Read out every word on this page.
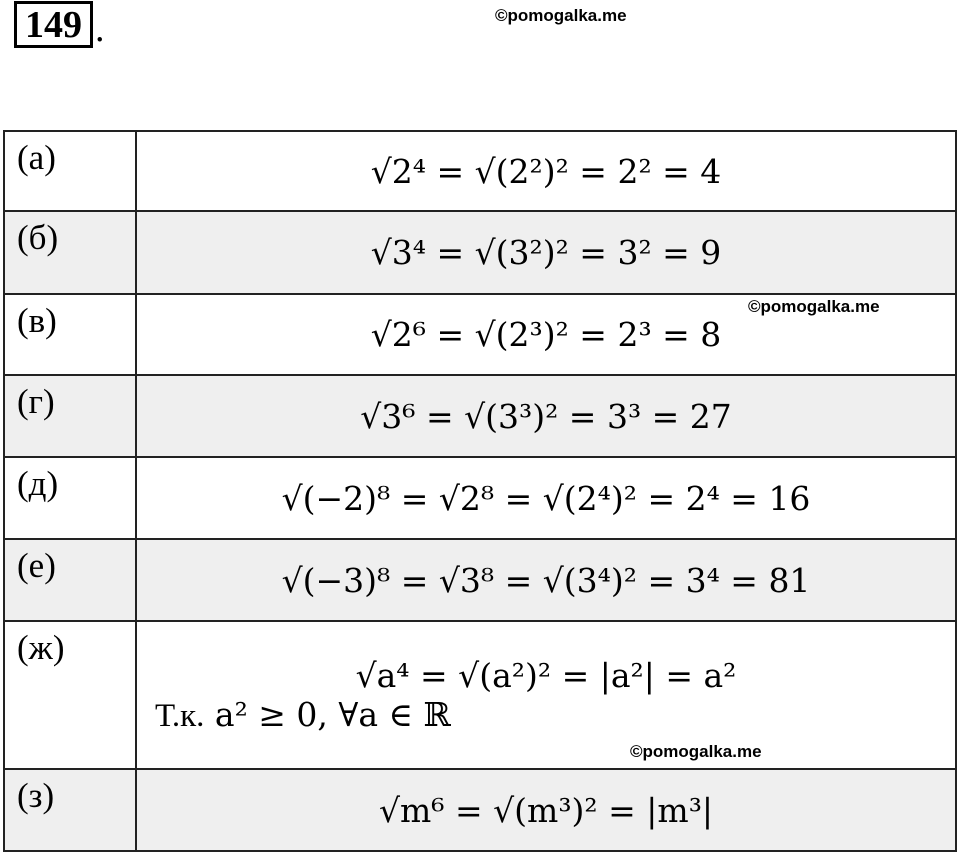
149 .	©pomogalka.me
(а)	√2⁴ = √(2²)² = 2² = 4
(б)	√3⁴ = √(3²)² = 3² = 9
(в)	√2⁶ = √(2³)² = 2³ = 8
(г)	√3⁶ = √(3³)² = 3³ = 27
(д)	√(−2)⁸ = √2⁸ = √(2⁴)² = 2⁴ = 16
(е)	√(−3)⁸ = √3⁸ = √(3⁴)² = 3⁴ = 81
(ж)	√a⁴ = √(a²)² = |a²| = a²
Т.к. a² ≥ 0, ∀a ∈ ℝ

(з)	√m⁶ = √(m³)² = |m³|
©pomogalka.me
©pomogalka.me
